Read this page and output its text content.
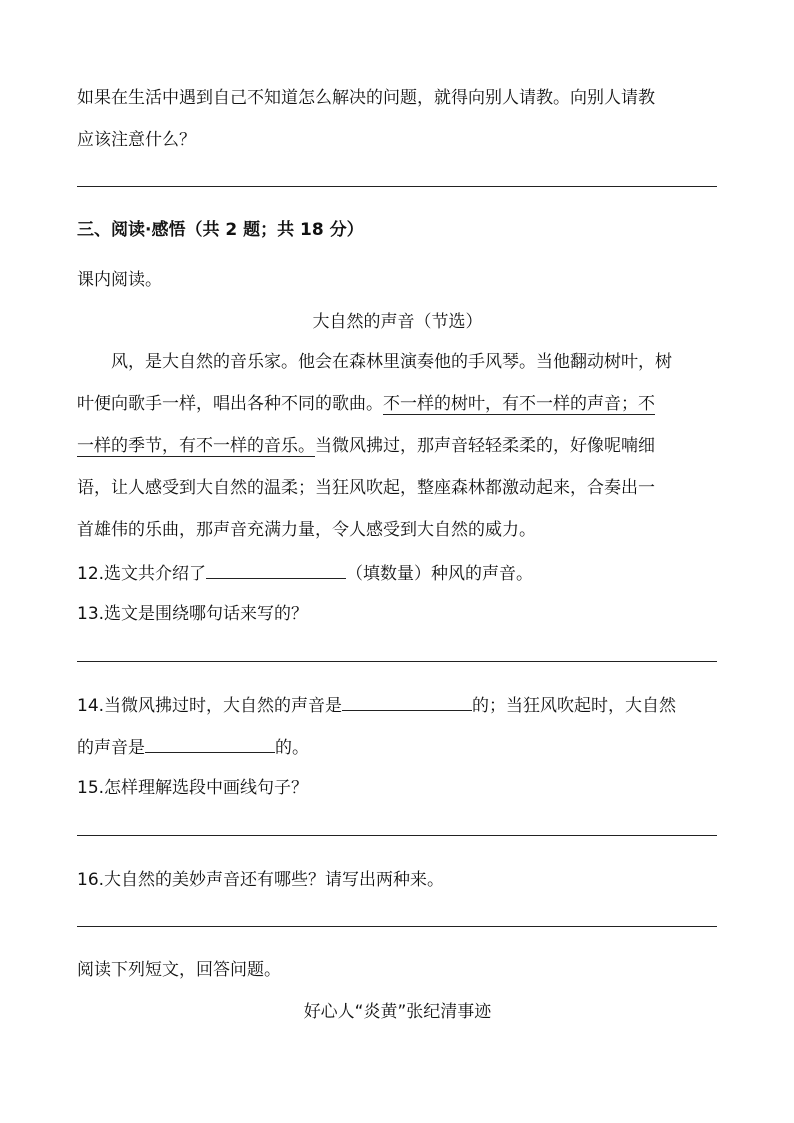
如果在生活中遇到自己不知道怎么解决的问题，就得向别人请教。向别人请教
应该注意什么？
三、阅读·感悟（共 2 题；共 18 分）
课内阅读。
大自然的声音（节选）
风，是大自然的音乐家。他会在森林里演奏他的手风琴。当他翻动树叶，树
叶便向歌手一样，唱出各种不同的歌曲。不一样的树叶，有不一样的声音；不
一样的季节，有不一样的音乐。当微风拂过，那声音轻轻柔柔的，好像呢喃细
语，让人感受到大自然的温柔；当狂风吹起，整座森林都激动起来，合奏出一
首雄伟的乐曲，那声音充满力量，令人感受到大自然的威力。
12.选文共介绍了	（填数量）种风的声音。
13.选文是围绕哪句话来写的？
14.当微风拂过时，大自然的声音是	的；当狂风吹起时，大自然
的声音是	的。
15.怎样理解选段中画线句子？
16.大自然的美妙声音还有哪些？请写出两种来。
阅读下列短文，回答问题。
好心人“炎黄”张纪清事迹
